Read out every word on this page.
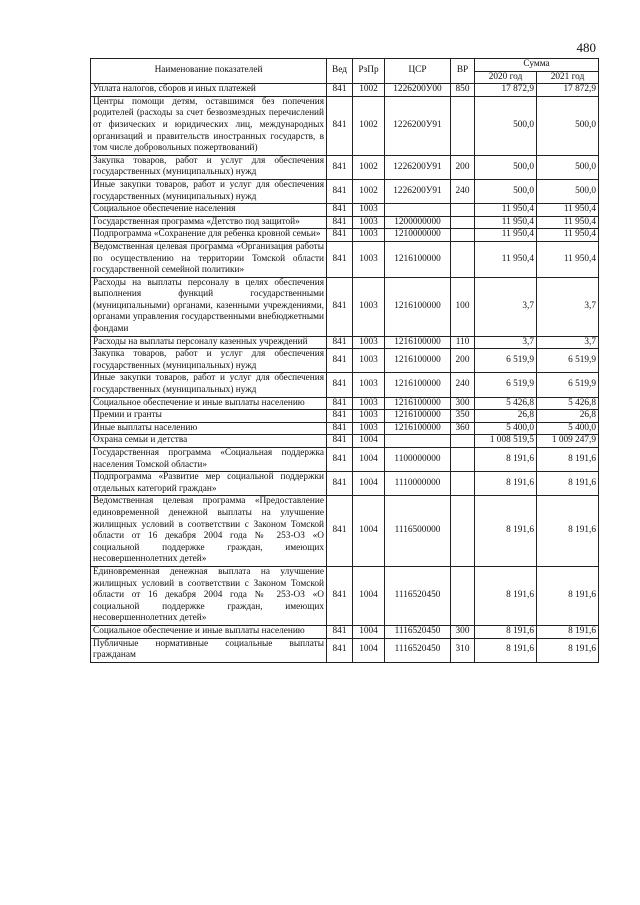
480
Наименование показателей	Вед	РзПр	ЦСР	ВР	Сумма	
					2020 год	2021 год
Уплата налогов, сборов и иных платежей	841	1002	1226200У00	850	17 872,9	17 872,9
Центры помощи детям, оставшимся без попечения родителей (расходы за счет безвозмездных перечислений от физических и юридических лиц, международных организаций и правительств иностранных государств, в том числе добровольных пожертвований)	841	1002	1226200У91		500,0	500,0
Закупка товаров, работ и услуг для обеспечения государственных (муниципальных) нужд	841	1002	1226200У91	200	500,0	500,0
Иные закупки товаров, работ и услуг для обеспечения государственных (муниципальных) нужд	841	1002	1226200У91	240	500,0	500,0
Социальное обеспечение населения	841	1003			11 950,4	11 950,4
Государственная программа «Детство под защитой»	841	1003	1200000000		11 950,4	11 950,4
Подпрограмма «Сохранение для ребенка кровной семьи»	841	1003	1210000000		11 950,4	11 950,4
Ведомственная целевая программа «Организация работы по осуществлению на территории Томской области государственной семейной политики»	841	1003	1216100000		11 950,4	11 950,4
Расходы на выплаты персоналу в целях обеспечения выполнения функций государственными (муниципальными) органами, казенными учреждениями, органами управления государственными внебюджетными фондами	841	1003	1216100000	100	3,7	3,7
Расходы на выплаты персоналу казенных учреждений	841	1003	1216100000	110	3,7	3,7
Закупка товаров, работ и услуг для обеспечения государственных (муниципальных) нужд	841	1003	1216100000	200	6 519,9	6 519,9
Иные закупки товаров, работ и услуг для обеспечения государственных (муниципальных) нужд	841	1003	1216100000	240	6 519,9	6 519,9
Социальное обеспечение и иные выплаты населению	841	1003	1216100000	300	5 426,8	5 426,8
Премии и гранты	841	1003	1216100000	350	26,8	26,8
Иные выплаты населению	841	1003	1216100000	360	5 400,0	5 400,0
Охрана семьи и детства	841	1004			1 008 519,5	1 009 247,9
Государственная программа «Социальная поддержка населения Томской области»	841	1004	1100000000		8 191,6	8 191,6
Подпрограмма «Развитие мер социальной поддержки отдельных категорий граждан»	841	1004	1110000000		8 191,6	8 191,6
Ведомственная целевая программа «Предоставление единовременной денежной выплаты на улучшение жилищных условий в соответствии с Законом Томской области от 16 декабря 2004 года № 253-ОЗ «О социальной поддержке граждан, имеющих несовершеннолетних детей»	841	1004	1116500000		8 191,6	8 191,6
Единовременная денежная выплата на улучшение жилищных условий в соответствии с Законом Томской области от 16 декабря 2004 года № 253-ОЗ «О социальной поддержке граждан, имеющих несовершеннолетних детей»	841	1004	1116520450		8 191,6	8 191,6
Социальное обеспечение и иные выплаты населению	841	1004	1116520450	300	8 191,6	8 191,6
Публичные нормативные социальные выплаты гражданам	841	1004	1116520450	310	8 191,6	8 191,6
